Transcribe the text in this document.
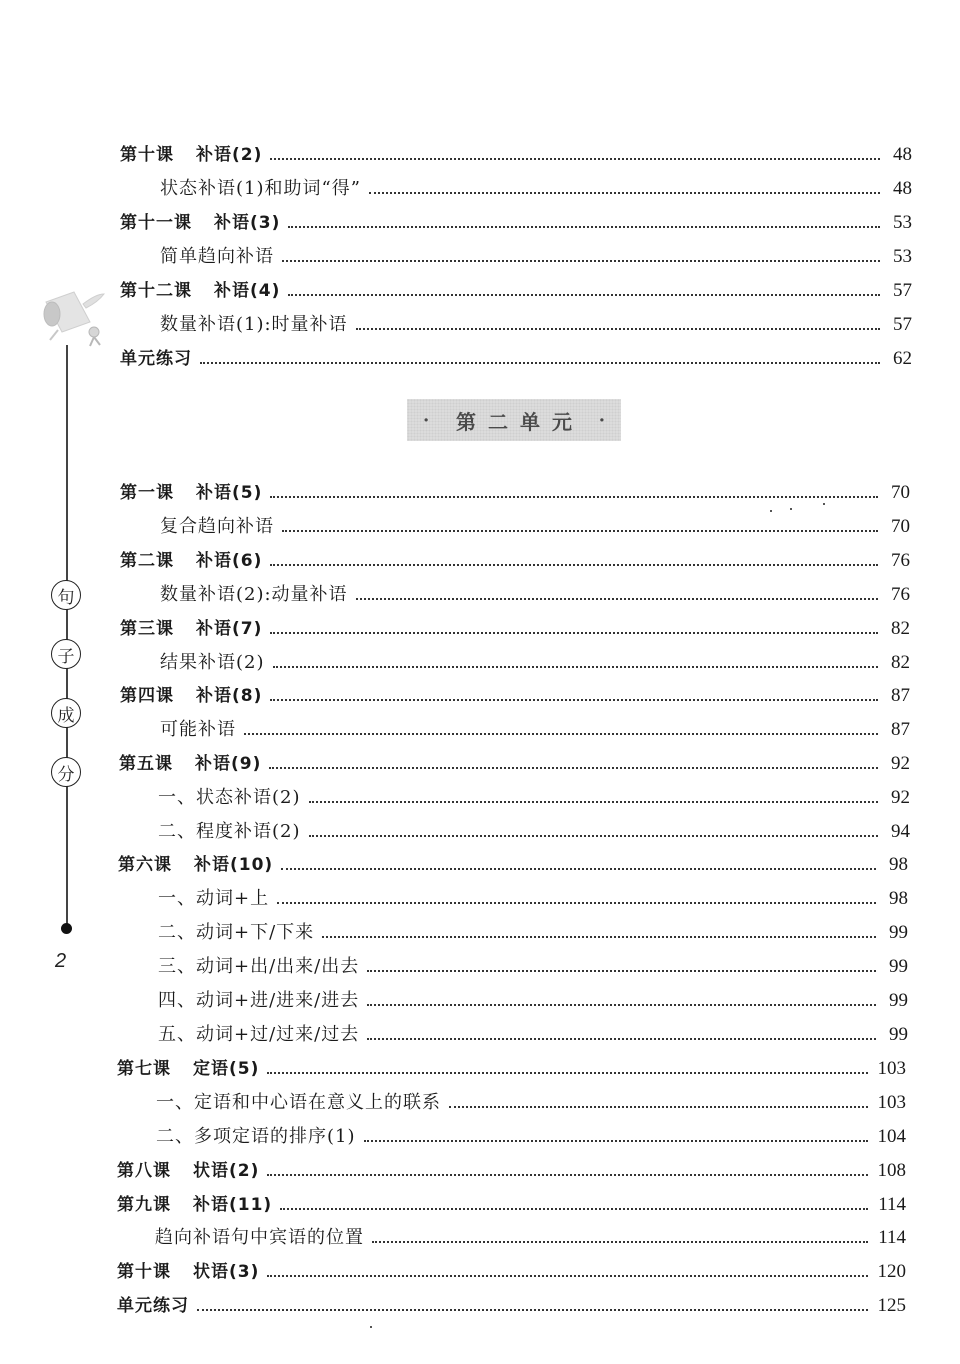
句
子
成
分
2
第十课 补语(2)	48
状态补语(1)和助词“得”	48
第十一课 补语(3)	53
简单趋向补语	53
第十二课 补语(4)	57
数量补语(1):时量补语	57
单元练习	62
· 第二单元 ·
第一课 补语(5)	70
复合趋向补语	70
第二课 补语(6)	76
数量补语(2):动量补语	76
第三课 补语(7)	82
结果补语(2)	82
第四课 补语(8)	87
可能补语	87
第五课 补语(9)	92
一、状态补语(2)	92
二、程度补语(2)	94
第六课 补语(10)	98
一、动词+上	98
二、动词+下/下来	99
三、动词+出/出来/出去	99
四、动词+进/进来/进去	99
五、动词+过/过来/过去	99
第七课 定语(5)	103
一、定语和中心语在意义上的联系	103
二、多项定语的排序(1)	104
第八课 状语(2)	108
第九课 补语(11)	114
趋向补语句中宾语的位置	114
第十课 状语(3)	120
单元练习	125
